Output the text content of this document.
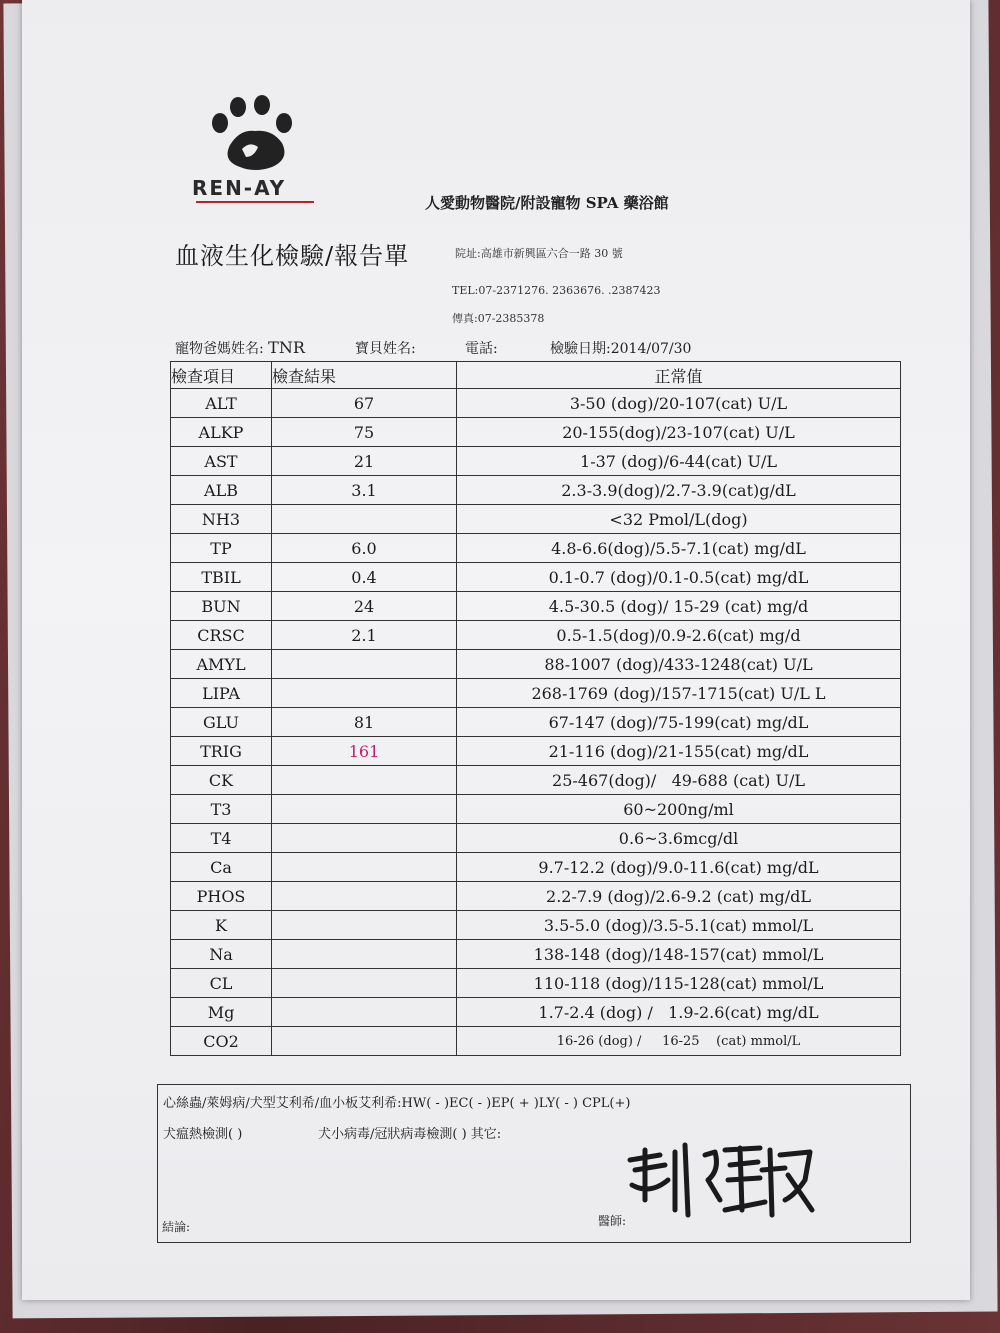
REN-AY
人愛動物醫院/附設寵物 SPA 藥浴館
血液生化檢驗/報告單	院址:高雄市新興區六合一路 30 號
TEL:07-2371276. 2363676. .2387423
傳真:07-2385378
寵物爸媽姓名: TNR	寶貝姓名:	電話:	檢驗日期:2014/07/30
檢查項目	檢查結果	正常值
ALT	67	3-50 (dog)/20-107(cat) U/L
ALKP	75	20-155(dog)/23-107(cat) U/L
AST	21	1-37 (dog)/6-44(cat) U/L
ALB	3.1	2.3-3.9(dog)/2.7-3.9(cat)g/dL
NH3		<32 Pmol/L(dog)
TP	6.0	4.8-6.6(dog)/5.5-7.1(cat) mg/dL
TBIL	0.4	0.1-0.7 (dog)/0.1-0.5(cat) mg/dL
BUN	24	4.5-30.5 (dog)/ 15-29 (cat) mg/d
CRSC	2.1	0.5-1.5(dog)/0.9-2.6(cat) mg/d
AMYL		88-1007 (dog)/433-1248(cat) U/L
LIPA		268-1769 (dog)/157-1715(cat) U/L L
GLU	81	67-147 (dog)/75-199(cat) mg/dL
TRIG	161	21-116 (dog)/21-155(cat) mg/dL
CK		25-467(dog)/   49-688 (cat) U/L
T3		60~200ng/ml
T4		0.6~3.6mcg/dl
Ca		9.7-12.2 (dog)/9.0-11.6(cat) mg/dL
PHOS		2.2-7.9 (dog)/2.6-9.2 (cat) mg/dL
K		3.5-5.0 (dog)/3.5-5.1(cat) mmol/L
Na		138-148 (dog)/148-157(cat) mmol/L
CL		110-118 (dog)/115-128(cat) mmol/L
Mg		1.7-2.4 (dog) /   1.9-2.6(cat) mg/dL
CO2		16-26 (dog) /     16-25    (cat) mmol/L
心絲蟲/萊姆病/犬型艾利希/血小板艾利希:HW( - )EC( - )EP( + )LY( - ) CPL(+)
犬瘟熱檢測( )	犬小病毒/冠狀病毒檢測( ) 其它:
結論:	醫師:
